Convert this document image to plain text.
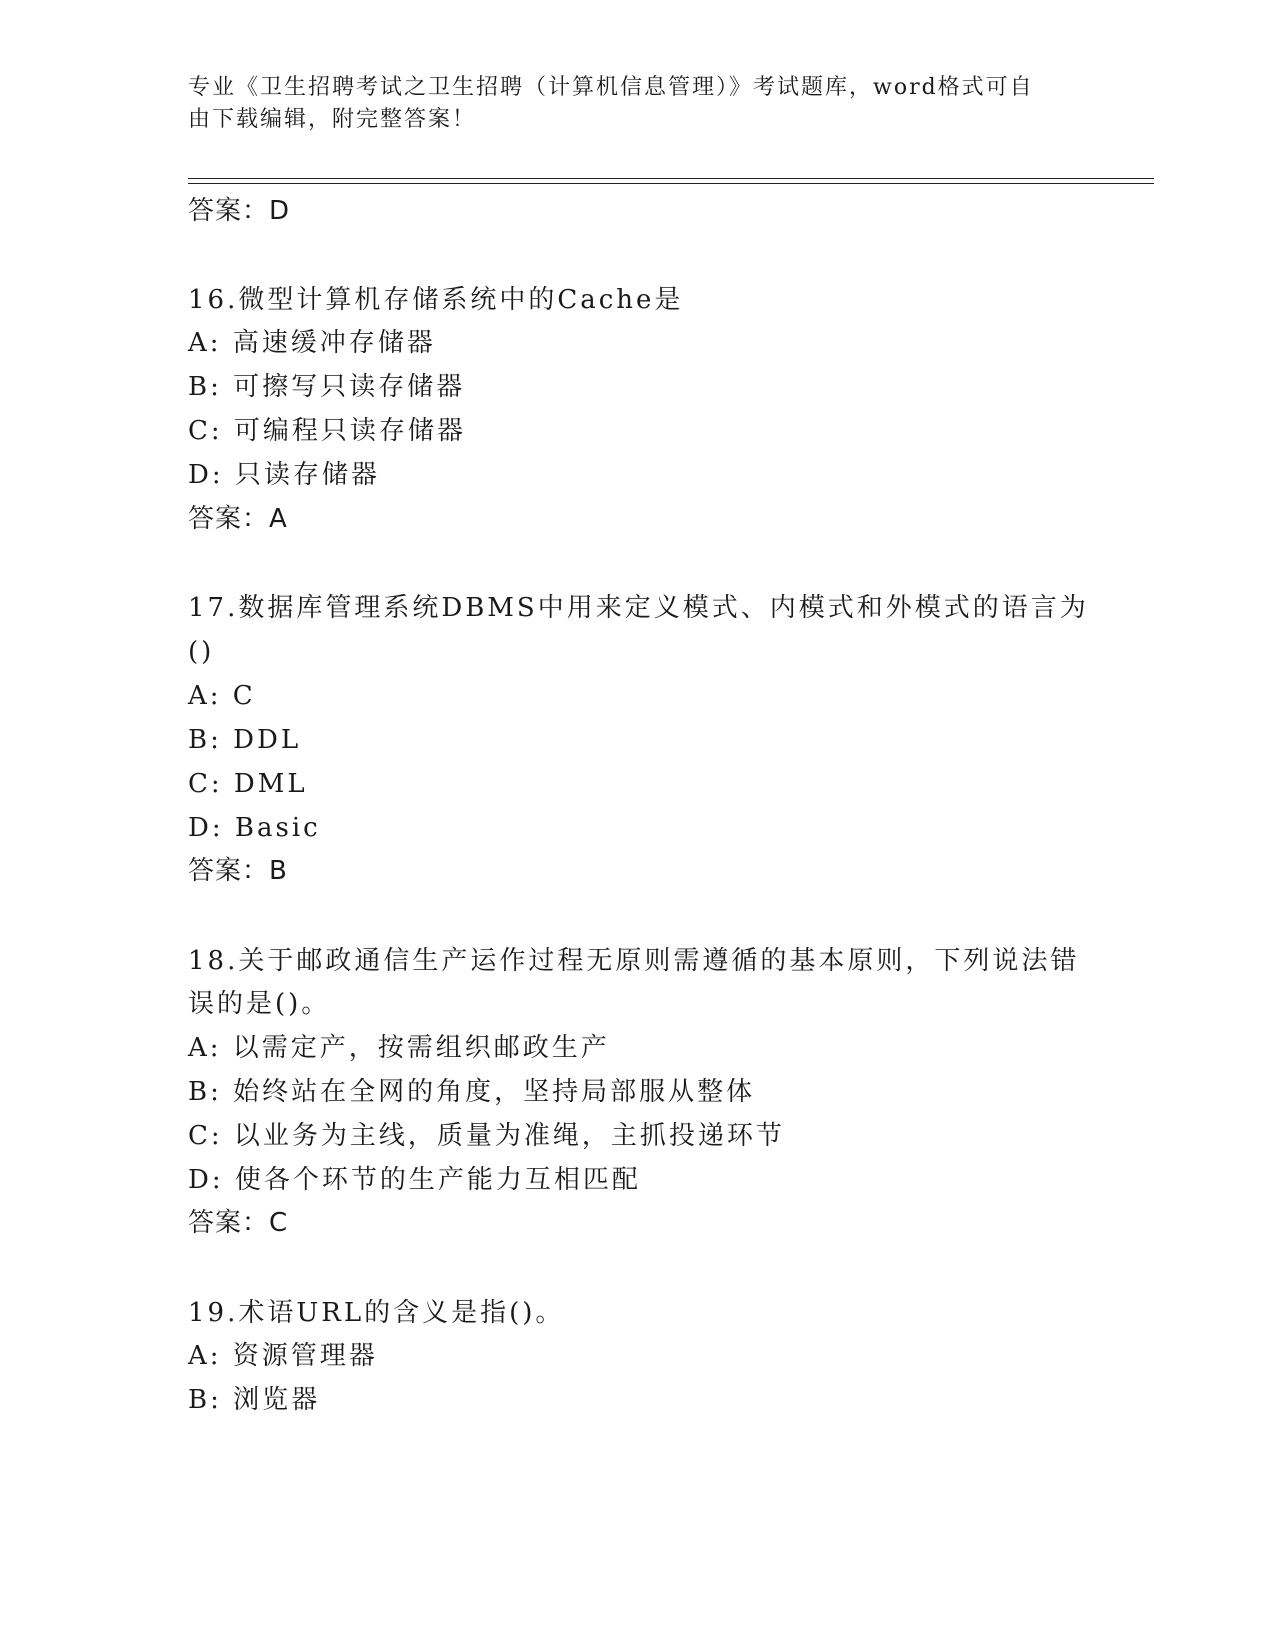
专业《卫生招聘考试之卫生招聘（计算机信息管理）》考试题库，word格式可自
由下载编辑，附完整答案！
答案：D
16.微型计算机存储系统中的Cache是
A: 高速缓冲存储器
B: 可擦写只读存储器
C: 可编程只读存储器
D: 只读存储器
答案：A
17.数据库管理系统DBMS中用来定义模式、内模式和外模式的语言为
()
A: C
B: DDL
C: DML
D: Basic
答案：B
18.关于邮政通信生产运作过程无原则需遵循的基本原则，下列说法错
误的是()。
A: 以需定产，按需组织邮政生产
B: 始终站在全网的角度，坚持局部服从整体
C: 以业务为主线，质量为准绳，主抓投递环节
D: 使各个环节的生产能力互相匹配
答案：C
19.术语URL的含义是指()。
A: 资源管理器
B: 浏览器
